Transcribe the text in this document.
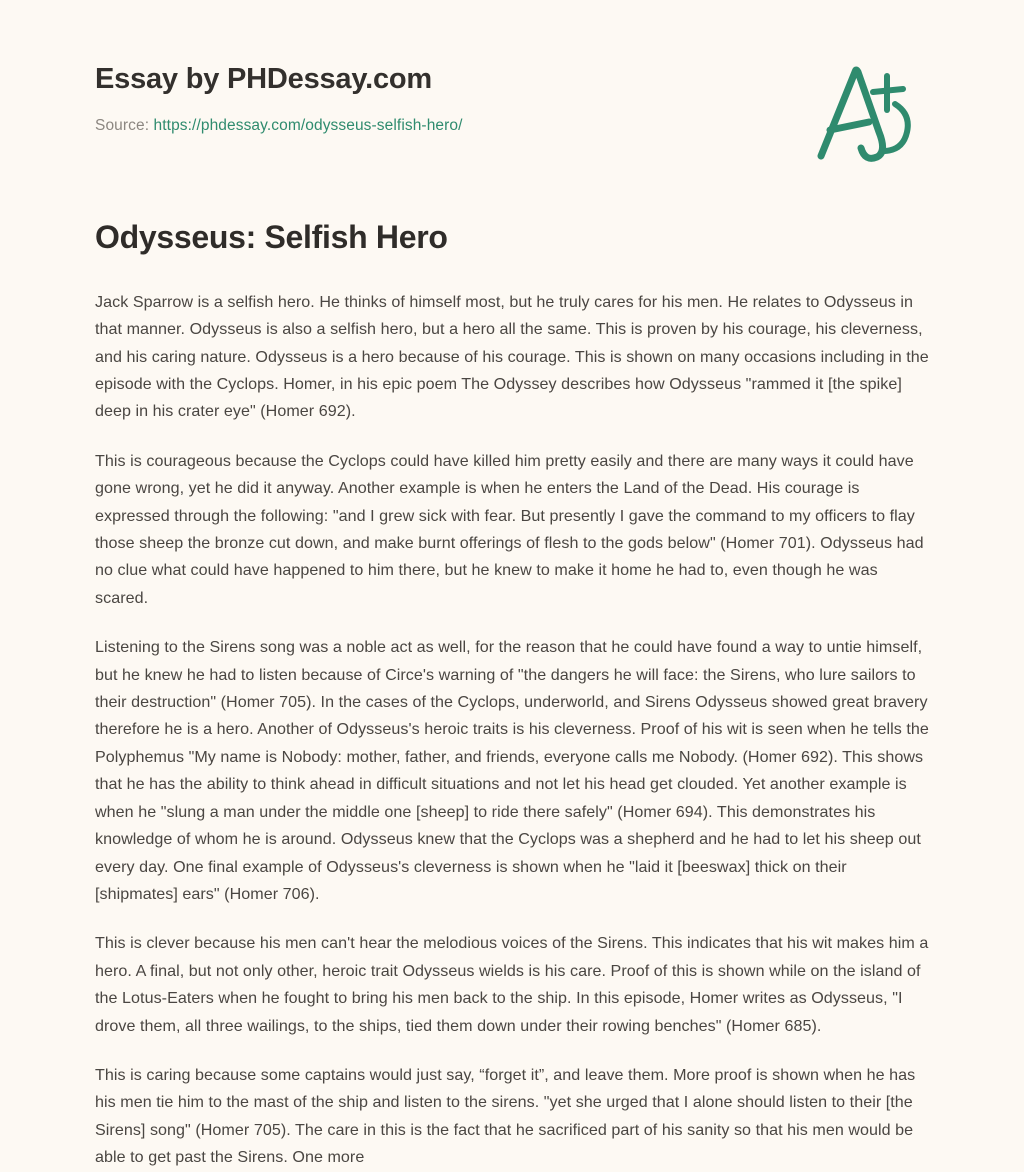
Essay by PHDessay.com
Source: https://phdessay.com/odysseus-selfish-hero/
Odysseus: Selfish Hero

Jack Sparrow is a selfish hero. He thinks of himself most, but he truly cares for his men. He relates to Odysseus in that manner. Odysseus is also a selfish hero, but a hero all the same. This is proven by his courage, his cleverness, and his caring nature. Odysseus is a hero because of his courage. This is shown on many occasions including in the episode with the Cyclops. Homer, in his epic poem The Odyssey describes how Odysseus "rammed it [the spike] deep in his crater eye" (Homer 692).

This is courageous because the Cyclops could have killed him pretty easily and there are many ways it could have gone wrong, yet he did it anyway. Another example is when he enters the Land of the Dead. His courage is expressed through the following: "and I grew sick with fear. But presently I gave the command to my officers to flay those sheep the bronze cut down, and make burnt offerings of flesh to the gods below" (Homer 701). Odysseus had no clue what could have happened to him there, but he knew to make it home he had to, even though he was scared.

Listening to the Sirens song was a noble act as well, for the reason that he could have found a way to untie himself, but he knew he had to listen because of Circe's warning of "the dangers he will face: the Sirens, who lure sailors to their destruction" (Homer 705). In the cases of the Cyclops, underworld, and Sirens Odysseus showed great bravery therefore he is a hero. Another of Odysseus's heroic traits is his cleverness. Proof of his wit is seen when he tells the Polyphemus "My name is Nobody: mother, father, and friends, everyone calls me Nobody. (Homer 692). This shows that he has the ability to think ahead in difficult situations and not let his head get clouded. Yet another example is when he "slung a man under the middle one [sheep] to ride there safely" (Homer 694). This demonstrates his knowledge of whom he is around. Odysseus knew that the Cyclops was a shepherd and he had to let his sheep out every day. One final example of Odysseus's cleverness is shown when he "laid it [beeswax] thick on their [shipmates] ears" (Homer 706).

This is clever because his men can't hear the melodious voices of the Sirens. This indicates that his wit makes him a hero. A final, but not only other, heroic trait Odysseus wields is his care. Proof of this is shown while on the island of the Lotus-Eaters when he fought to bring his men back to the ship. In this episode, Homer writes as Odysseus, "I drove them, all three wailings, to the ships, tied them down under their rowing benches" (Homer 685).

This is caring because some captains would just say, “forget it”, and leave them. More proof is shown when he has his men tie him to the mast of the ship and listen to the sirens. "yet she urged that I alone should listen to their [the Sirens] song" (Homer 705). The care in this is the fact that he sacrificed part of his sanity so that his men would be able to get past the Sirens. One more
